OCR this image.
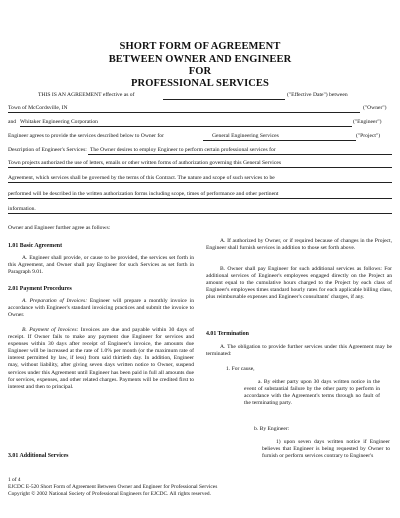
SHORT FORM OF AGREEMENT
BETWEEN OWNER AND ENGINEER
FOR
PROFESSIONAL SERVICES
THIS IS AN AGREEMENT effective as of	("Effective Date") between
Town of McCordsville, IN	("Owner")
and Whitaker Engineering Corporation	("Engineer")
Engineer agrees to provide the services described below to Owner for	General Engineering Services	("Project")
Description of Engineer's Services: The Owner desires to employ Engineer to perform certain professional services for
Town projects authorized the use of letters, emails or other written forms of authorization governing this General Services
Agreement, which services shall be governed by the terms of this Contract. The nature and scope of such services to be
performed will be described in the written authorization forms including scope, times of performance and other pertinent
information.
Owner and Engineer further agree as follows:
1.01 Basic Agreement
A. Engineer shall provide, or cause to be provided, the services set forth in this Agreement, and Owner shall pay Engineer for such Services as set forth in Paragraph 9.01.
2.01 Payment Procedures
A. Preparation of Invoices: Engineer will prepare a monthly invoice in accordance with Engineer's standard invoicing practices and submit the invoice to Owner.
B. Payment of Invoices: Invoices are due and payable within 30 days of receipt. If Owner fails to make any payment due Engineer for services and expenses within 30 days after receipt of Engineer's invoice, the amounts due Engineer will be increased at the rate of 1.0% per month (or the maximum rate of interest permitted by law, if less) from said thirtieth day. In addition, Engineer may, without liability, after giving seven days written notice to Owner, suspend services under this Agreement until Engineer has been paid in full all amounts due for services, expenses, and other related charges. Payments will be credited first to interest and then to principal.
3.01 Additional Services
A. If authorized by Owner, or if required because of changes in the Project, Engineer shall furnish services in addition to those set forth above.
B. Owner shall pay Engineer for such additional services as follows: For additional services of Engineer's employees engaged directly on the Project an amount equal to the cumulative hours charged to the Project by each class of Engineer's employees times standard hourly rates for each applicable billing class, plus reimbursable expenses and Engineer's consultants' charges, if any.
4.01 Termination
A. The obligation to provide further services under this Agreement may be terminated:
1. For cause,
a. By either party upon 30 days written notice in the event of substantial failure by the other party to perform in accordance with the Agreement's terms through no fault of the terminating party.
b. By Engineer:
1) upon seven days written notice if Engineer believes that Engineer is being requested by Owner to furnish or perform services contrary to Engineer's
1 of 4
EJCDC E-520 Short Form of Agreement Between Owner and Engineer for Professional Services
Copyright © 2002 National Society of Professional Engineers for EJCDC. All rights reserved.
